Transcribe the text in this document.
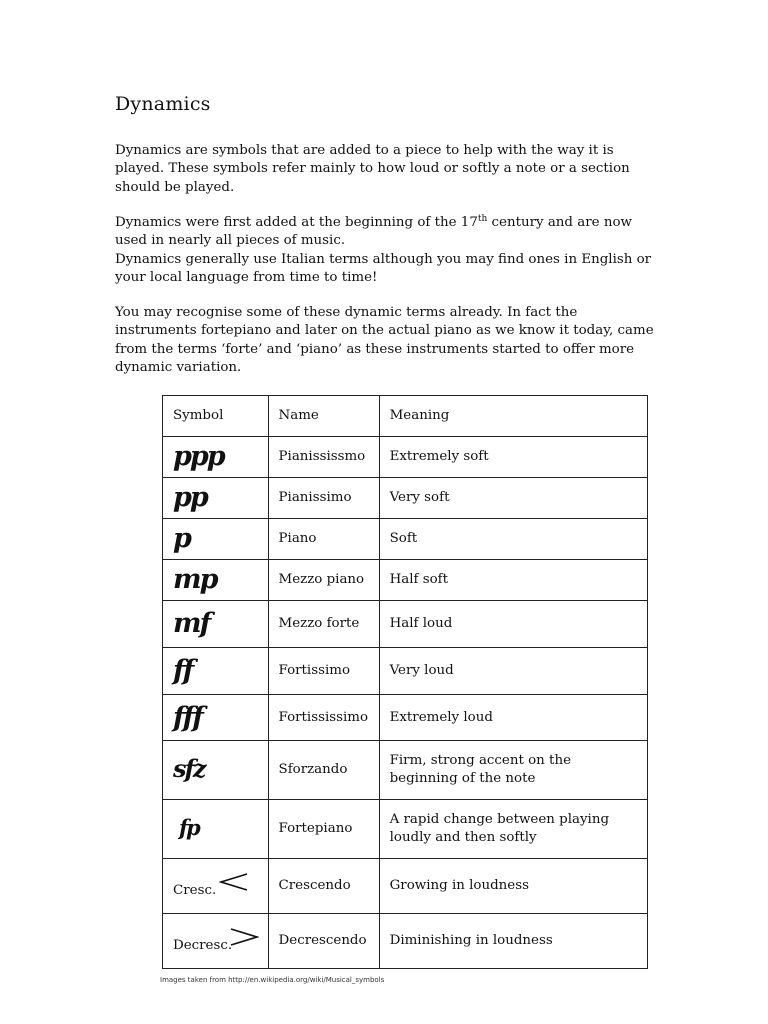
Dynamics

Dynamics are symbols that are added to a piece to help with the way it is played. These symbols refer mainly to how loud or softly a note or a section should be played.

Dynamics were first added at the beginning of the 17th century and are now used in nearly all pieces of music.
Dynamics generally use Italian terms although you may find ones in English or your local language from time to time!

You may recognise some of these dynamic terms already. In fact the instruments fortepiano and later on the actual piano as we know it today, came from the terms ‘forte’ and ‘piano’ as these instruments started to offer more dynamic variation.

Symbol	Name	Meaning
ppp	Pianississmo	Extremely soft
pp	Pianissimo	Very soft
p	Piano	Soft
mp	Mezzo piano	Half soft
mf	Mezzo forte	Half loud
ff	Fortissimo	Very loud
fff	Fortississimo	Extremely loud
sfz	Sforzando	Firm, strong accent on the beginning of the note
fp	Fortepiano	A rapid change between playing loudly and then softly

Cresc.	Crescendo	Growing in loudness

Decresc.	Decrescendo	Diminishing in loudness
Images taken from http://en.wikipedia.org/wiki/Musical_symbols
